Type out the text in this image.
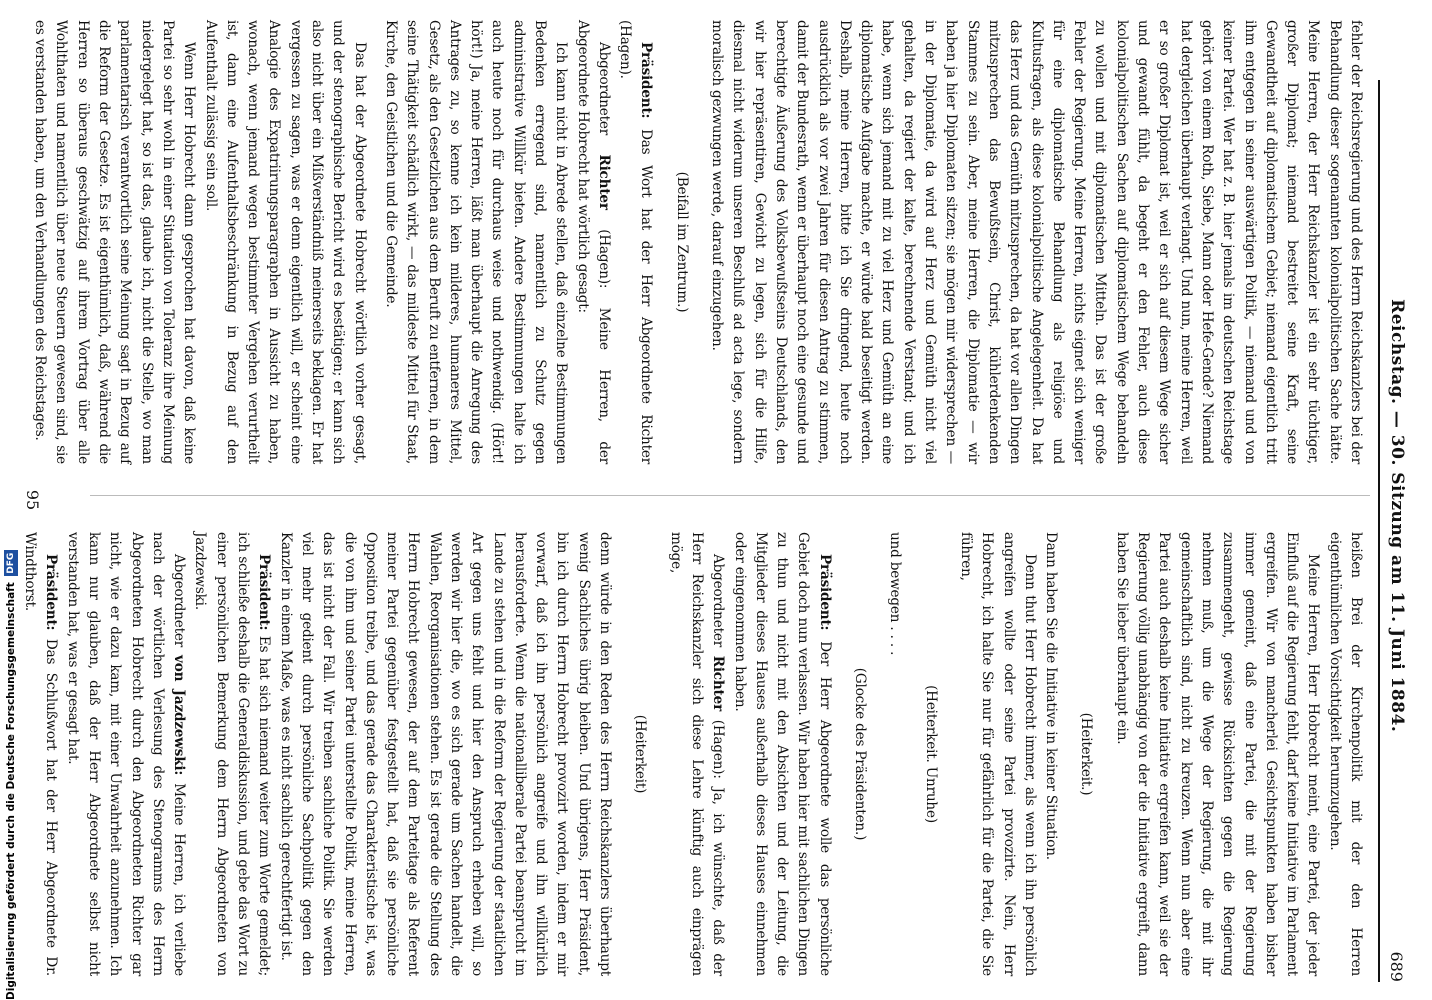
Reichstag. — 30. Sitzung am 11. Juni 1884.
689

fehler der Reichsregierung und des Herrn Reichskanzlers bei der Behandlung dieser sogenannten kolonialpolitischen Sache hätte. Meine Herren, der Herr Reichskanzler ist ein sehr tüchtiger, großer Diplomat; niemand bestreitet seine Kraft, seine Gewandtheit auf diplomatischem Gebiet; niemand eigentlich tritt ihm entgegen in seiner auswärtigen Politik, — niemand und von keiner Partei. Wer hat z. B. hier jemals im deutschen Reichstage gehört von einem Roth, Siebe, Mann oder Hefe-Gende? Niemand hat dergleichen überhaupt verlangt. Und nun, meine Herren, weil er so großer Diplomat ist, weil er sich auf diesem Wege sicher und gewandt fühlt, da begeht er den Fehler, auch diese kolonialpolitischen Sachen auf diplomatischem Wege behandeln zu wollen und mit diplomatischen Mitteln. Das ist der große Fehler der Regierung. Meine Herren, nichts eignet sich weniger für eine diplomatische Behandlung als religiöse und Kultusfragen, als diese kolonialpolitische Angelegenheit. Da hat das Herz und das Gemüth mitzusprechen, da hat vor allen Dingen mitzusprechen das Bewußtsein, Christ, kühlerdenkenden Stammes zu sein. Aber, meine Herren, die Diplomatie — wir haben ja hier Diplomaten sitzen; sie mögen mir widersprechen — in der Diplomatie, da wird auf Herz und Gemüth nicht viel gehalten, da regiert der kalte, berechnende Verstand; und ich habe, wenn sich jemand mit zu viel Herz und Gemüth an eine diplomatische Aufgabe machte, er würde bald beseitigt werden. Deshalb, meine Herren, bitte ich Sie dringend, heute noch ausdrücklich als vor zwei Jahren für diesen Antrag zu stimmen, damit der Bundesrath, wenn er überhaupt noch eine gesunde und berechtigte Äußerung des Volksbewußtseins Deutschlands, den wir hier repräsentiren, Gewicht zu legen, sich für die Hilfe, diesmal nicht widerum unseren Beschluß ad acta lege, sondern moralisch gezwungen werde, darauf einzugehen.

(Beifall im Zentrum.)

Präsident: Das Wort hat der Herr Abgeordnete Richter (Hagen).

Abgeordneter Richter (Hagen): Meine Herren, der Abgeordnete Hobrecht hat wörtlich gesagt:

Ich kann nicht in Abrede stellen, daß einzelne Bestimmungen Bedenken erregend sind, namentlich zu Schutz gegen administrative Willkür bieten. Andere Bestimmungen halte ich auch heute noch für durchaus weise und nothwendig. (Hört! hört!) Ja, meine Herren, läßt man überhaupt die Anregung des Antrages zu, so kenne ich kein milderes, humaneres Mittel, Gesetz, als den Gesetzlichen aus dem Beruft zu entfernen, in dem seine Thätigkeit schädlich wirkt, — das mildeste Mittel für Staat, Kirche, den Geistlichen und die Gemeinde.

Das hat der Abgeordnete Hobrecht wörtlich vorher gesagt, und der stenographische Bericht wird es bestätigen; er kann sich also nicht über ein Mißverständniß meinerseits beklagen. Er hat vergessen zu sagen, was er denn eigentlich will, er scheint eine Analogie des Expatriirungsparagraphen in Aussicht zu haben, wonach, wenn jemand wegen bestimmter Vergehen verurtheilt ist, dann eine Aufenthaltsbeschränkung in Bezug auf den Aufenthalt zulässig sein soll.

Wenn Herr Hobrecht dann gesprochen hat davon, daß keine Partei so sehr wohl in einer Situation von Toleranz ihre Meinung niedergelegt hat, so ist das, glaube ich, nicht die Stelle, wo man parlamentarisch verantwortlich seine Meinung sagt in Bezug auf die Reform der Gesetze. Es ist eigenthümlich, daß, während die Herren so überaus geschwätzig auf ihrem Vortrag über alle Wohlthaten und namentlich über neue Steuern gewesen sind, sie es verstanden haben, um den Verhandlungen des Reichstages.

heißen Brei der Kirchenpolitik mit der den Herren eigenthümlichen Vorsichtigkeit herumzugehen.

Meine Herren, Herr Hobrecht meint, eine Partei, der jeder Einfluß auf die Regierung fehlt, darf keine Initiative im Parlament ergreifen. Wir von mancherlei Gesichtspunkten haben bisher immer gemeint, daß eine Partei, die mit der Regierung zusammengeht, gewisse Rücksichten gegen die Regierung nehmen muß, um die Wege der Regierung, die mit ihr gemeinschaftlich sind, nicht zu kreuzen. Wenn nun aber eine Partei auch deshalb keine Initiative ergreifen kann, weil sie der Regierung völlig unabhängig von der die Initiative ergreift, dann haben Sie lieber überhaupt ein.

(Heiterkeit.)

Dann haben Sie die Initiative in keiner Situation.

Denn thut Herr Hobrecht immer, als wenn ich ihn persönlich angreifen wollte oder seine Partei provozirte. Nein, Herr Hobrecht, ich halte Sie nur für gefährlich für die Partei, die Sie führen,

(Heiterkeit. Unruhe)

und bewegen . . . .

(Glocke des Präsidenten.)

Präsident: Der Herr Abgeordnete wolle das persönliche Gebiet doch nun verlassen. Wir haben hier mit sachlichen Dingen zu thun und nicht mit den Absichten und der Leitung, die Mitglieder dieses Hauses außerhalb dieses Hauses einnehmen oder eingenommen haben.

Abgeordneter Richter (Hagen): Ja, ich wünschte, daß der Herr Reichskanzler sich diese Lehre künftig auch einprägen möge,

(Heiterkeit)

denn würde in den Reden des Herrn Reichskanzlers überhaupt wenig Sachliches übrig bleiben. Und übrigens, Herr Präsident, bin ich durch Herrn Hobrecht provozirt worden, indem er mir vorwarf, daß ich ihn persönlich angreife und ihn willkürlich herausforderte. Wenn die nationalliberale Partei beansprucht im Lande zu stehen und in die Reform der Regierung der staatlichen Art gegen uns fehlt und hier den Anspruch erheben will, so werden wir hier die, wo es sich gerade um Sachen handelt, die Wahlen, Reorganisationen stehen. Es ist gerade die Stellung des Herrn Hobrecht gewesen, der auf dem Parteitage als Referent meiner Partei gegenüber festgestellt hat, daß sie persönliche Opposition treibe, und das gerade das Charakteristische ist, was die von ihm und seiner Partei unterstellte Politik, meine Herren, das ist nicht der Fall. Wir treiben sachliche Politik. Sie werden viel mehr gedient durch persönliche Sachpolitik gegen den Kanzler in einem Maße, was es nicht sachlich gerechtfertigt ist.

Präsident: Es hat sich niemand weiter zum Worte gemeldet; ich schließe deshalb die Generaldiskussion, und gebe das Wort zu einer persönlichen Bemerkung dem Herrn Abgeordneten von Jazdzewski.

Abgeordneter von Jazdzewski: Meine Herren, ich verliebe nach der wörtlichen Verlesung des Stenogramms des Herrn Abgeordneten Hobrecht durch den Abgeordneten Richter gar nicht, wie er dazu kam, mit einer Unwahrheit anzunehmen. Ich kann nur glauben, daß der Herr Abgeordnete selbst nicht verstanden hat, was er gesagt hat.

Präsident: Das Schlußwort hat der Herr Abgeordnete Dr. Windthorst.

95
Digitalisierung gefördert durch die Deutsche Forschungsgemeinschaft
DFG
